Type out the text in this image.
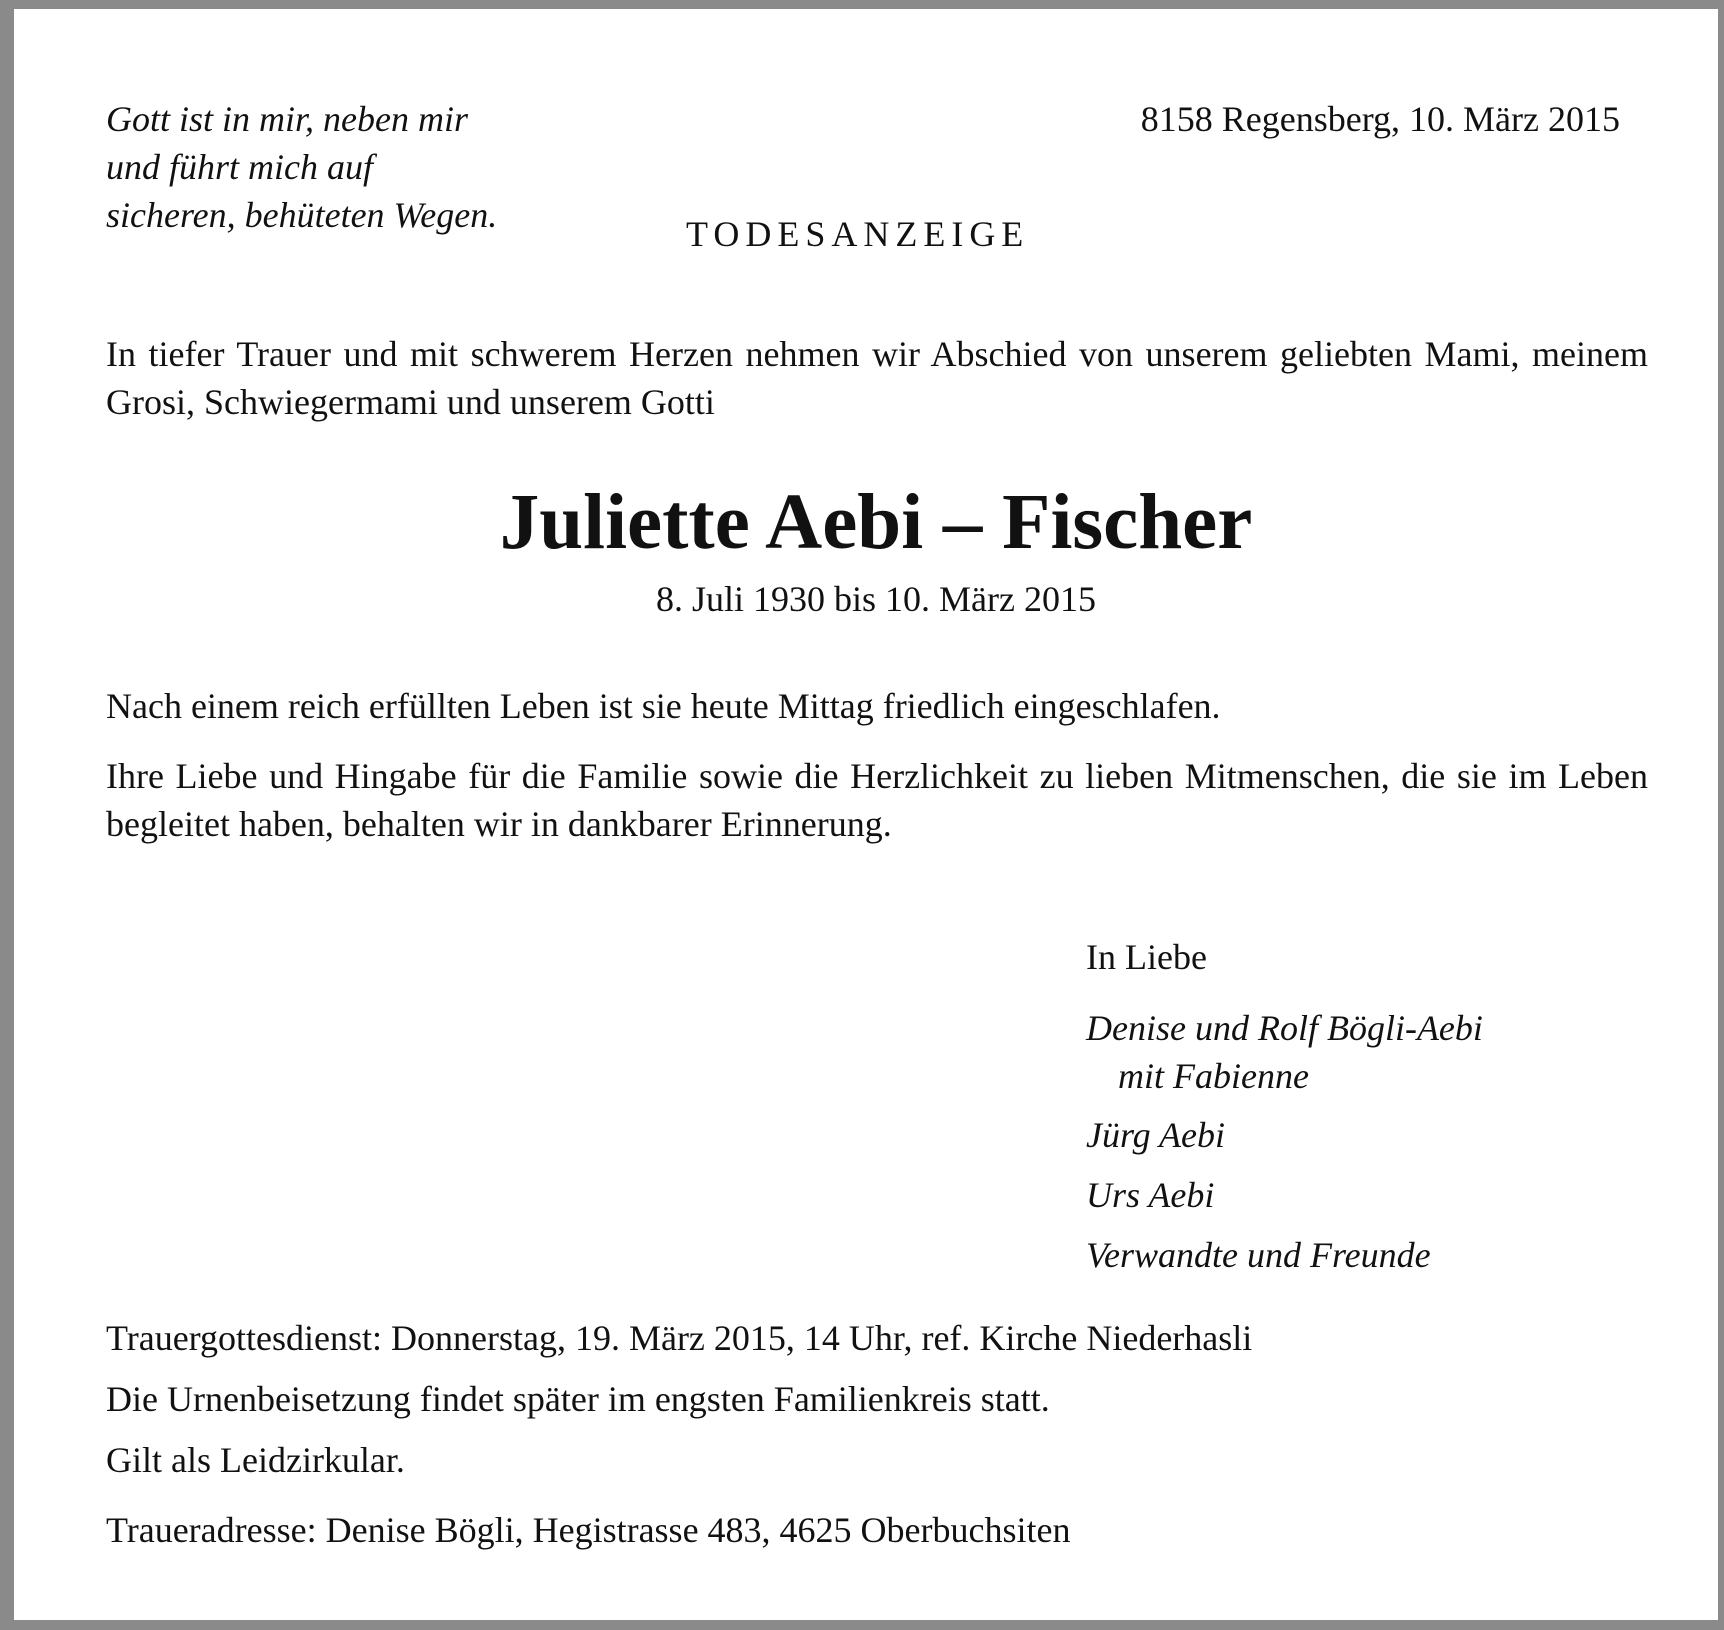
Gott ist in mir, neben mir
und führt mich auf
sicheren, behüteten Wegen.
8158 Regensberg, 10. März 2015
TODESANZEIGE

In tiefer Trauer und mit schwerem Herzen nehmen wir Abschied von unserem geliebten Mami, meinem Grosi, Schwiegermami und unserem Gotti

Juliette Aebi – Fischer
8. Juli 1930 bis 10. März 2015

Nach einem reich erfüllten Leben ist sie heute Mittag friedlich eingeschlafen.

Ihre Liebe und Hingabe für die Familie sowie die Herzlichkeit zu lieben Mitmenschen, die sie im Leben begleitet haben, behalten wir in dankbarer Erinnerung.

In Liebe
Denise und Rolf Bögli-Aebi
mit Fabienne
Jürg Aebi
Urs Aebi
Verwandte und Freunde
Trauergottesdienst: Donnerstag, 19. März 2015, 14 Uhr, ref. Kirche Niederhasli
Die Urnenbeisetzung findet später im engsten Familienkreis statt.
Gilt als Leidzirkular.
Traueradresse: Denise Bögli, Hegistrasse 483, 4625 Oberbuchsiten
